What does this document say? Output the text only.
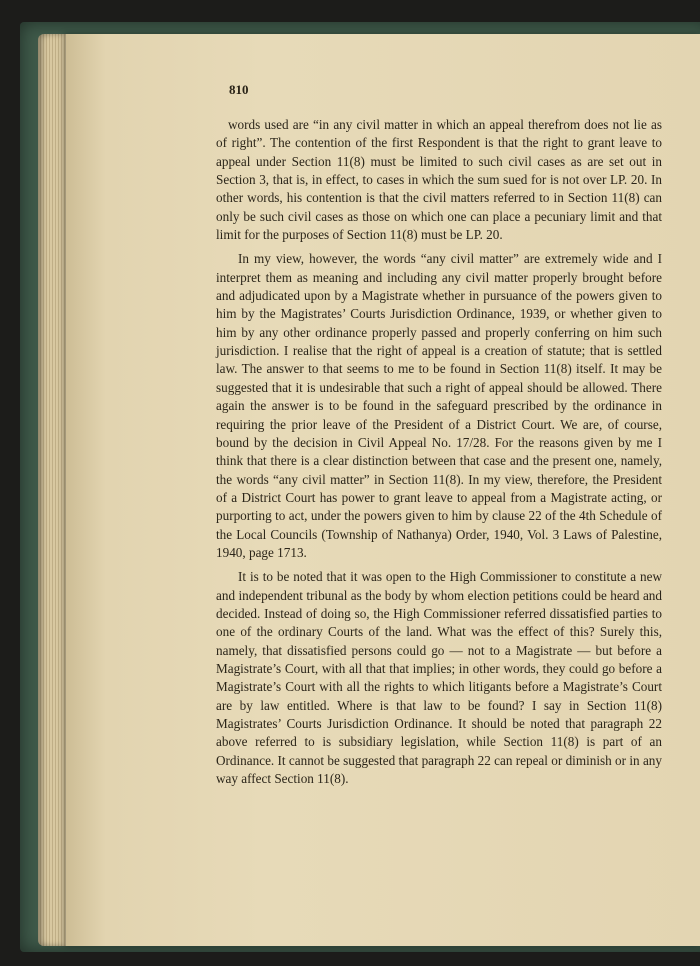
810

words used are “in any civil matter in which an appeal therefrom does not lie as of right”. The contention of the first Respondent is that the right to grant leave to appeal under Section 11(8) must be limited to such civil cases as are set out in Section 3, that is, in effect, to cases in which the sum sued for is not over LP. 20. In other words, his contention is that the civil matters referred to in Section 11(8) can only be such civil cases as those on which one can place a pecuniary limit and that limit for the purposes of Section 11(8) must be LP. 20.

In my view, however, the words “any civil matter” are extremely wide and I interpret them as meaning and including any civil matter properly brought before and adjudicated upon by a Magistrate whether in pursuance of the powers given to him by the Magistrates’ Courts Jurisdiction Ordinance, 1939, or whether given to him by any other ordinance properly passed and properly conferring on him such jurisdiction. I realise that the right of appeal is a creation of statute; that is settled law. The answer to that seems to me to be found in Section 11(8) itself. It may be suggested that it is undesirable that such a right of appeal should be allowed. There again the answer is to be found in the safeguard prescribed by the ordinance in requiring the prior leave of the President of a District Court. We are, of course, bound by the decision in Civil Appeal No. 17/28. For the reasons given by me I think that there is a clear distinction between that case and the present one, namely, the words “any civil matter” in Section 11(8). In my view, therefore, the President of a District Court has power to grant leave to appeal from a Magistrate acting, or purporting to act, under the powers given to him by clause 22 of the 4th Schedule of the Local Councils (Township of Nathanya) Order, 1940, Vol. 3 Laws of Palestine, 1940, page 1713.

It is to be noted that it was open to the High Commissioner to constitute a new and independent tribunal as the body by whom election petitions could be heard and decided. Instead of doing so, the High Commissioner referred dissatisfied parties to one of the ordinary Courts of the land. What was the effect of this? Surely this, namely, that dissatisfied persons could go — not to a Magistrate — but before a Magistrate’s Court, with all that that implies; in other words, they could go before a Magistrate’s Court with all the rights to which litigants before a Magistrate’s Court are by law entitled. Where is that law to be found? I say in Section 11(8) Magistrates’ Courts Jurisdiction Ordinance. It should be noted that paragraph 22 above referred to is subsidiary legislation, while Section 11(8) is part of an Ordinance. It cannot be suggested that paragraph 22 can repeal or diminish or in any way affect Section 11(8).
